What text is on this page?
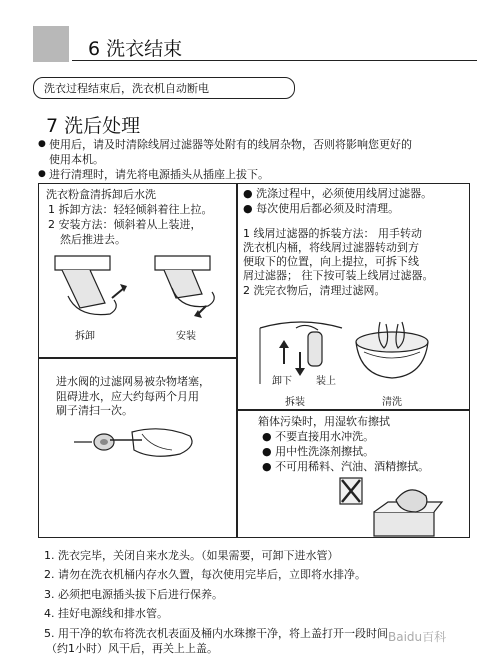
6 洗衣结束
洗衣过程结束后，洗衣机自动断电
7 洗后处理
● 使用后，请及时清除线屑过滤器等处附有的线屑杂物，否则将影响您更好的
使用本机。
● 进行清理时，请先将电源插头从插座上拔下。
洗衣粉盒清拆卸后水洗
1 拆卸方法：轻轻倾斜着往上拉。
2 安装方法：倾斜着从上装进，
然后推进去。
拆卸	安装
● 洗涤过程中，必须使用线屑过滤器。
● 每次使用后都必须及时清理。
1 线屑过滤器的拆装方法： 用手转动
洗衣机内桶，将线屑过滤器转动到方
便取下的位置，向上提拉，可拆下线
屑过滤器； 往下按可装上线屑过滤器。
2 洗完衣物后，清理过滤网。
卸下 装上
拆装	清洗
进水阀的过滤网易被杂物堵塞，
阻碍进水，应大约每两个月用
刷子清扫一次。
箱体污染时，用湿软布擦拭
● 不要直接用水冲洗。
● 用中性洗涤剂擦拭。
● 不可用稀料、汽油、酒精擦拭。
1. 洗衣完毕，关闭自来水龙头。（如果需要，可卸下进水管）
2. 请勿在洗衣机桶内存水久置，每次使用完毕后，立即将水排净。
3. 必须把电源插头拔下后进行保养。
4. 挂好电源线和排水管。
5. 用干净的软布将洗衣机表面及桶内水珠擦干净，将上盖打开一段时间
（约1小时）风干后，再关上上盖。
Baidu百科
